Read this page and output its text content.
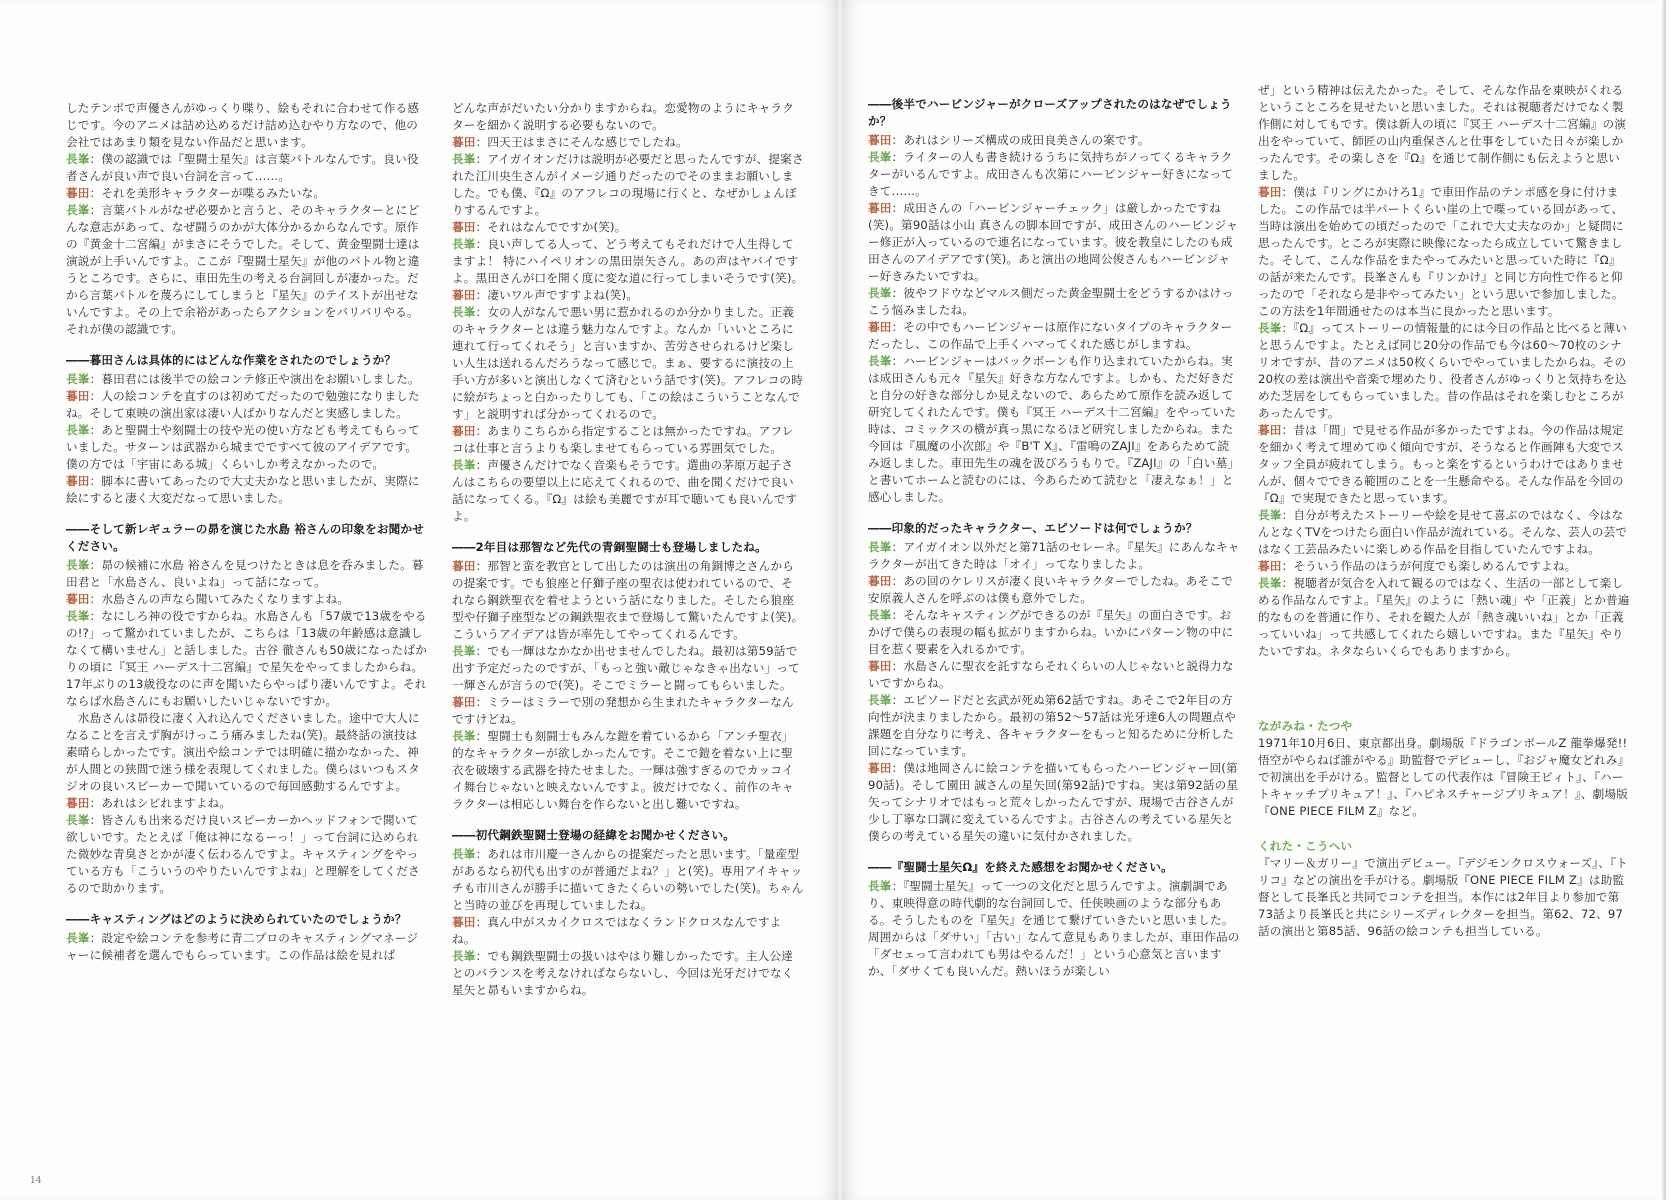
したテンポで声優さんがゆっくり喋り、絵もそれに合わせて作る感じです。今のアニメは詰め込めるだけ詰め込むやり方なので、他の会社ではあまり類を見ない作品だと思います。

長峯：僕の認識では『聖闘士星矢』は言葉バトルなんです。良い役者さんが良い声で良い台詞を言って……。

暮田：それを美形キャラクターが喋るみたいな。

長峯：言葉バトルがなぜ必要かと言うと、そのキャラクターとにどんな意志があって、なぜ闘うのかが大体分かるからなんです。原作の『黄金十二宮編』がまさにそうでした。そして、黄金聖闘士達は演説が上手いんですよ。ここが『聖闘士星矢』が他のバトル物と違うところです。さらに、車田先生の考える台詞回しが凄かった。だから言葉バトルを蔑ろにしてしまうと『星矢』のテイストが出せないんですよ。その上で余裕があったらアクションをバリバリやる。それが僕の認識です。

――暮田さんは具体的にはどんな作業をされたのでしょうか？

長峯：暮田君には後半での絵コンテ修正や演出をお願いしました。

暮田：人の絵コンテを直すのは初めてだったので勉強になりましたね。そして東映の演出家は凄い人ばかりなんだと実感しました。

長峯：あと聖闘士や刻闘士の技や光の使い方なども考えてもらっていました。サターンは武器から城までですべて彼のアイデアです。僕の方では「宇宙にある城」くらいしか考えなかったので。

暮田：脚本に書いてあったので大丈夫かなと思いましたが、実際に絵にすると凄く大変だなって思いました。

――そして新レギュラーの昴を演じた水島 裕さんの印象をお聞かせください。

長峯：昴の候補に水島 裕さんを見つけたときは息を呑みました。暮田君と「水島さん、良いよね」って話になって。

暮田：水島さんの声なら聞いてみたくなりますよね。

長峯：なにしろ神の役ですからね。水島さんも「57歳で13歳をやるの!?」って驚かれていましたが、こちらは「13歳の年齢感は意識しなくて構いません」と話しました。古谷 徹さんも50歳になったばかりの頃に『冥王 ハーデス十二宮編』で星矢をやってましたからね。17年ぶりの13歳役なのに声を聞いたらやっぱり凄いんですよ。それならば水島さんにもお願いしたいじゃないですか。

　水島さんは昴役に凄く入れ込んでくださいました。途中で大人になることを言えず胸がけっこう痛みましたね(笑)。最終話の演技は素晴らしかったです。演出や絵コンテでは明確に描かなかった、神が人間との狭間で迷う様を表現してくれました。僕らはいつもスタジオの良いスピーカーで聞いているので毎回感動するんですよ。

暮田：あれはシビれますよね。

長峯：皆さんも出来るだけ良いスピーカーかヘッドフォンで聞いて欲しいです。たとえば「俺は神になるーっ！」って台詞に込められた微妙な青臭さとかが凄く伝わるんですよ。キャスティングをやっている方も「こういうのやりたいんですよね」と理解をしてくださるので助かります。

――キャスティングはどのように決められていたのでしょうか？

長峯：設定や絵コンテを参考に青二プロのキャスティングマネージャーに候補者を選んでもらっています。この作品は絵を見れば

どんな声がだいたい分かりますからね。恋愛物のようにキャラクターを細かく説明する必要もないので。

暮田：四天王はまさにそんな感じでしたね。

長峯：アイガイオンだけは説明が必要だと思ったんですが、提案された江川央生さんがイメージ通りだったのでそのままお願いしました。でも僕、『Ω』のアフレコの現場に行くと、なぜかしょんぼりするんですよ。

暮田：それはなんでですか(笑)。

長峯：良い声してる人って、どう考えてもそれだけで人生得してますよ！ 特にハイペリオンの黒田崇矢さん。あの声はヤバイですよ。黒田さんが口を開く度に変な道に行ってしまいそうです(笑)。

暮田：凄いワル声ですすよね(笑)。

長峯：女の人がなんで悪い男に惹かれるのか分かりました。正義のキャラクターとは違う魅力なんですよ。なんか「いいところに連れて行ってくれそう」と言いますか、苦労させられるけど楽しい人生は送れるんだろうなって感じで。まぁ、要するに演技の上手い方が多いと演出しなくて済むという話です(笑)。アフレコの時に絵がちょっと白かったりしても、「この絵はこういうことなんです」と説明すれば分かってくれるので。

暮田：あまりこちらから指定することは無かったですね。アフレコは仕事と言うよりも楽しませてもらっている雰囲気でした。

長峯：声優さんだけでなく音楽もそうです。選曲の茅原万起子さんはこちらの要望以上に応えてくれるので、曲を聞くだけで良い話になってくる。『Ω』は絵も美麗ですが耳で聴いても良いんですよ。

――2年目は那智など先代の青銅聖闘士も登場しましたね。

暮田：那智と蛮を教官として出したのは演出の角銅博之さんからの提案です。でも狼座と仔獅子座の聖衣は使われているので、それなら鋼鉄聖衣を着せようという話になりました。そしたら狼座型や仔獅子座型などの鋼鉄聖衣まで登場して驚いたんですよ(笑)。こういうアイデアは皆が率先してやってくれるんです。

長峯：でも一輝はなかなか出せませんでしたね。最初は第59話で出す予定だったのですが、「もっと強い敵じゃなきゃ出ない」って一輝さんが言うので(笑)。そこでミラーと闘ってもらいました。

暮田：ミラーはミラーで別の発想から生まれたキャラクターなんですけどね。

長峯：聖闘士も刻闘士もみんな鎧を着ているから「アンチ聖衣」的なキャラクターが欲しかったんです。そこで鎧を着ない上に聖衣を破壊する武器を持たせました。一輝は強すぎるのでカッコイイ舞台じゃないと映えないんですよ。彼だけでなく、前作のキャラクターは相応しい舞台を作らないと出し難いですね。

――初代鋼鉄聖闘士登場の経緯をお聞かせください。

長峯：あれは市川慶一さんからの提案だったと思います。「量産型があるなら初代も出すのが普通だよね？」と(笑)。専用アイキャッチも市川さんが勝手に描いてきたくらいの勢いでした(笑)。ちゃんと当時の並びを再現していましたね。

暮田：真ん中がスカイクロスではなくランドクロスなんですよね。

長峯：でも鋼鉄聖闘士の扱いはやはり難しかったです。主人公達とのバランスを考えなければならないし、今回は光牙だけでなく星矢と昴もいますからね。

14

――後半でハービンジャーがクローズアップされたのはなぜでしょうか？

暮田：あれはシリーズ構成の成田良美さんの案です。

長峯：ライターの人も書き続けるうちに気持ちがノってくるキャラクターがいるんですよ。成田さんも次第にハービンジャー好きになってきて……。

暮田：成田さんの「ハービンジャーチェック」は厳しかったですね(笑)。第90話は小山 真さんの脚本回ですが、成田さんのハービンジャー修正が入っているので連名になっています。彼を教皇にしたのも成田さんのアイデアです(笑)。あと演出の地岡公俊さんもハービンジャー好きみたいですね。

長峯：彼やフドウなどマルス側だった黄金聖闘士をどうするかはけっこう悩みましたね。

暮田：その中でもハービンジャーは原作にないタイプのキャラクターだったし、この作品で上手くハマってくれた感じがしますね。

長峯：ハービンジャーはバックボーンも作り込まれていたからね。実は成田さんも元々『星矢』好きな方なんですよ。しかも、ただ好きだと自分の好きな部分しか見えないので、あらためて原作を読み返して研究してくれたんです。僕も『冥王 ハーデス十二宮編』をやっていた時は、コミックスの横が真っ黒になるほど研究しましたからね。また今回は『風魔の小次郎』や『B'T X』、『雷鳴のZAJI』をあらためて読み返しました。車田先生の魂を汲びろうもりで。『ZAJI』の「白い墓」と書いてホームと読むのには、今あらためて読むと「凄えなぁ！」と感心しました。

――印象的だったキャラクター、エピソードは何でしょうか？

長峯：アイガイオン以外だと第71話のセレーネ。『星矢』にあんなキャラクターが出てきた時は「オイ」ってなりましたよ。

暮田：あの回のケレリスが凄く良いキャラクターでしたね。あそこで安原義人さんを呼ぶのは僕も意外でした。

長峯：そんなキャスティングができるのが『星矢』の面白さです。おかげで僕らの表現の幅も拡がりますからね。いかにパターン物の中に目を惹く要素を入れるかです。

暮田：水島さんに聖衣を託すならそれくらいの人じゃないと説得力ないですからね。

長峯：エピソードだと玄武が死ぬ第62話ですね。あそこで2年目の方向性が決まりましたから。最初の第52～57話は光牙達6人の問題点や課題を自分なりに考え、各キャラクターをもっと知るために分析した回になっています。

暮田：僕は地岡さんに絵コンテを描いてもらったハービンジャー回(第90話)。そして園田 誠さんの星矢回(第92話)ですね。実は第92話の星矢ってシナリオではもっと荒々しかったんですが、現場で古谷さんが少し丁寧な口調に変えているんですよ。古谷さんの考えている星矢と僕らの考えている星矢の違いに気付かされました。

――『聖闘士星矢Ω』を終えた感想をお聞かせください。

長峯：『聖闘士星矢』って一つの文化だと思うんですよ。演劇調であり、東映得意の時代劇的な台詞回しで、任侠映画のような部分もある。そうしたものを『星矢』を通じて繋げていきたいと思いました。周囲からは「ダサい」「古い」なんて意見もありましたが、車田作品の「ダセェって言われても男はやるんだ！」という心意気と言いますか、「ダサくても良いんだ。熱いほうが楽しい

ぜ」という精神は伝えたかった。そして、そんな作品を東映がくれるということころを見せたいと思いました。それは視聴者だけでなく製作側に対してもです。僕は新人の頃に『冥王 ハーデス十二宮編』の演出をやっていて、師匠の山内重保さんと仕事をしていた日々が楽しかったんです。その楽しさを『Ω』を通じて制作側にも伝えようと思いました。

暮田：僕は『リングにかけろ1』で車田作品のテンポ感を身に付けました。この作品では半パートくらい崖の上で喋っている回があって、当時は演出を始めての頃だったので「これで大丈夫なのか」と疑問に思ったんです。ところが実際に映像になったら成立していて驚きました。そして、こんな作品をまたやってみたいと思っていた時に『Ω』の話が来たんです。長峯さんも『リンかけ』と同じ方向性で作ると仰ったので「それなら是非やってみたい」という思いで参加しました。この方法を1年間通せたのは本当に良かったと思います。

長峯：『Ω』ってストーリーの情報量的には今日の作品と比べると薄いと思うんですよ。たとえば同じ20分の作品でも今は60～70枚のシナリオですが、昔のアニメは50枚くらいでやっていましたからね。その20枚の差は演出や音楽で埋めたり、役者さんがゆっくりと気持ちを込めた芝居をしてもらっていました。昔の作品はそれを楽しむところがあったんです。

暮田：昔は「間」で見せる作品が多かったですよね。今の作品は規定を細かく考えて埋めてゆく傾向ですが、そうなると作画陣も大変でスタッフ全員が疲れてしまう。もっと楽をするというわけではありませんが、個々でできる範囲のことを一生懸命やる。そんな作品を今回の『Ω』で実現できたと思っています。

長峯：自分が考えたストーリーや絵を見せて喜ぶのではなく、今はなんとなくTVをつけたら面白い作品が流れている。そんな、芸人の芸ではなく工芸品みたいに楽しめる作品を目指していたんですよね。

暮田：そういう作品のほうが何度でも楽しめるんですよね。

長峯：視聴者が気合を入れて観るのではなく、生活の一部として楽しめる作品なんですよ。『星矢』のように「熱い魂」や「正義」とか普遍的なものを普通に作り、それを観た人が「熱き魂いいね」とか「正義っていいね」って共感してくれたら嬉しいですね。また『星矢』やりたいですね。ネタならいくらでもありますから。

ながみね・たつや

1971年10月6日、東京都出身。劇場版『ドラゴンボールZ 龍拳爆発!!悟空がやらねば誰がやる』助監督でデビューし、『おジャ魔女どれみ』で初演出を手がける。監督としての代表作は『冒険王ビィト』、『ハートキャッチプリキュア！』、『ハピネスチャージプリキュア！』、劇場版『ONE PIECE FILM Z』など。

くれた・こうへい

『マリー＆ガリー』で演出デビュー。『デジモンクロスウォーズ』、『トリコ』などの演出を手がける。劇場版『ONE PIECE FILM Z』は助監督として長峯氏と共同でコンテを担当。本作には2年目より参加で第73話より長峯氏と共にシリーズディレクターを担当。第62、72、97話の演出と第85話、96話の絵コンテも担当している。
